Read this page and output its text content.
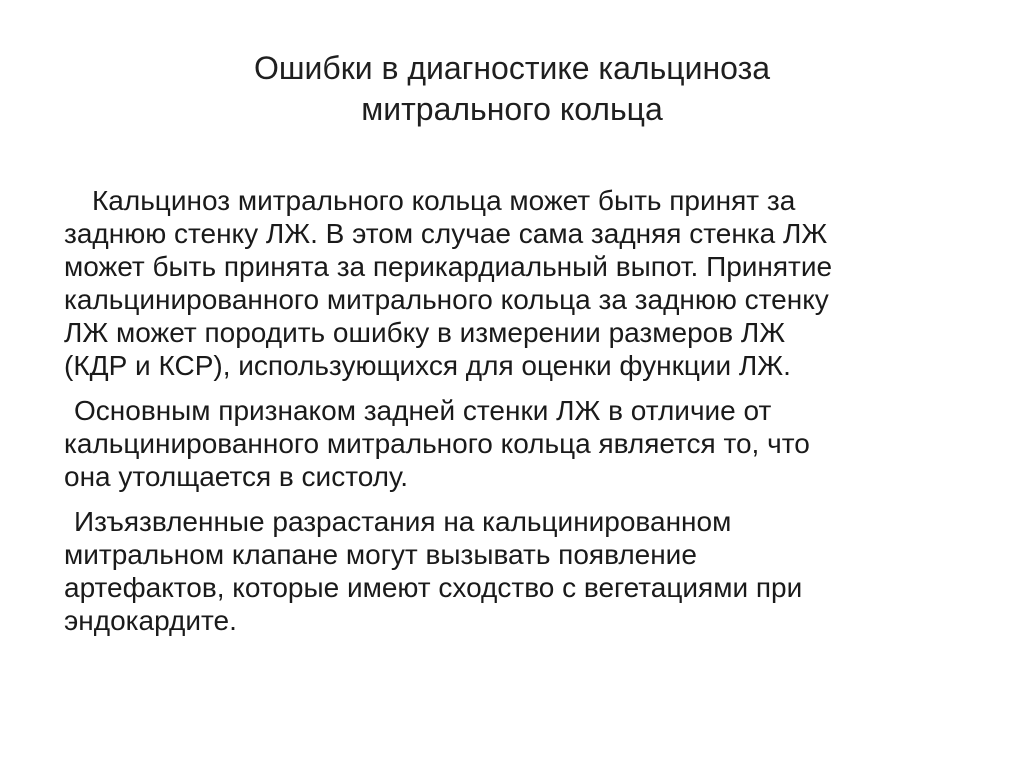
Ошибки в диагностике кальциноза
митрального кольца

Кальциноз митрального кольца может быть принят за
заднюю стенку ЛЖ. В этом случае сама задняя стенка ЛЖ
может быть принята за перикардиальный выпот. Принятие
кальцинированного митрального кольца за заднюю стенку
ЛЖ может породить ошибку в измерении размеров ЛЖ
(КДР и КСР), использующихся для оценки функции ЛЖ.

Основным признаком задней стенки ЛЖ в отличие от
кальцинированного митрального кольца является то, что
она утолщается в систолу.

Изъязвленные разрастания на кальцинированном
митральном клапане могут вызывать появление
артефактов, которые имеют сходство с вегетациями при
эндокардите.
